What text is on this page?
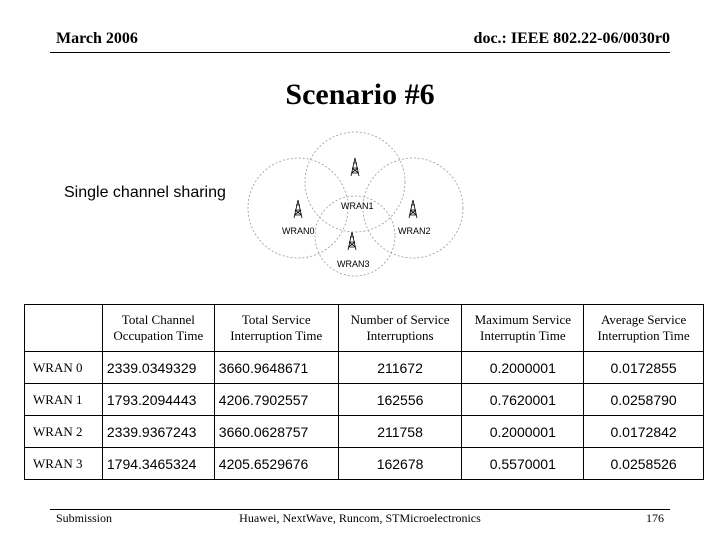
March 2006	doc.: IEEE 802.22-06/0030r0
Scenario #6
Single channel sharing
WRAN1
WRAN0	WRAN2
WRAN3
	Total Channel Occupation Time	Total Service Interruption Time	Number of Service Interruptions	Maximum Service Interruptin Time	Average Service Interruption Time
WRAN 0	2339.0349329	3660.9648671	211672	0.2000001	0.0172855
WRAN 1	1793.2094443	4206.7902557	162556	0.7620001	0.0258790
WRAN 2	2339.9367243	3660.0628757	211758	0.2000001	0.0172842
WRAN 3	1794.3465324	4205.6529676	162678	0.5570001	0.0258526
Submission	Huawei, NextWave, Runcom, STMicroelectronics	176
